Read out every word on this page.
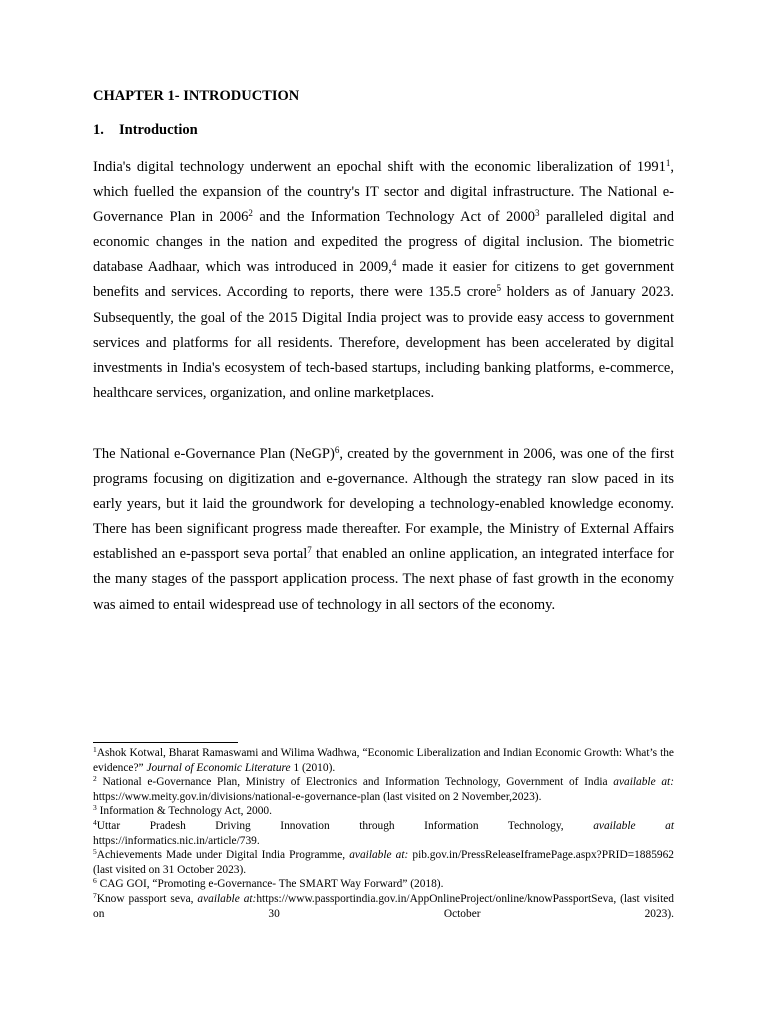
CHAPTER 1- INTRODUCTION
1. Introduction

India's digital technology underwent an epochal shift with the economic liberalization of 1991$^1$, which fuelled the expansion of the country's IT sector and digital infrastructure. The National e-Governance Plan in 2006$^2$ and the Information Technology Act of 2000$^3$ paralleled digital and economic changes in the nation and expedited the progress of digital inclusion. The biometric database Aadhaar, which was introduced in 2009,$^4$ made it easier for citizens to get government benefits and services. According to reports, there were 135.5 crore$^5$ holders as of January 2023. Subsequently, the goal of the 2015 Digital India project was to provide easy access to government services and platforms for all residents. Therefore, development has been accelerated by digital investments in India's ecosystem of tech-based startups, including banking platforms, e-commerce, healthcare services, organization, and online marketplaces.

The National e-Governance Plan (NeGP)$^6$, created by the government in 2006, was one of the first programs focusing on digitization and e-governance. Although the strategy ran slow paced in its early years, but it laid the groundwork for developing a technology-enabled knowledge economy. There has been significant progress made thereafter. For example, the Ministry of External Affairs established an e-passport seva portal$^7$ that enabled an online application, an integrated interface for the many stages of the passport application process. The next phase of fast growth in the economy was aimed to entail widespread use of technology in all sectors of the economy.

$^1$Ashok Kotwal, Bharat Ramaswami and Wilima Wadhwa, “Economic Liberalization and Indian Economic Growth: What’s the evidence?” Journal of Economic Literature 1 (2010).

$^2$ National e-Governance Plan, Ministry of Electronics and Information Technology, Government of India available at: https://www.meity.gov.in/divisions/national-e-governance-plan (last visited on 2 November,2023).

$^3$ Information & Technology Act, 2000.

$^4$Uttar Pradesh Driving Innovation through Information Technology, available at
https://informatics.nic.in/article/739.

$^5$Achievements Made under Digital India Programme, available at: pib.gov.in/PressReleaseIframePage.aspx?PRID=1885962 (last visited on 31 October 2023).

$^6$ CAG GOI, “Promoting e-Governance- The SMART Way Forward” (2018).

$^7$Know passport seva, available at:https://www.passportindia.gov.in/AppOnlineProject/online/knowPassportSeva, (last visited on 30 October 2023).
